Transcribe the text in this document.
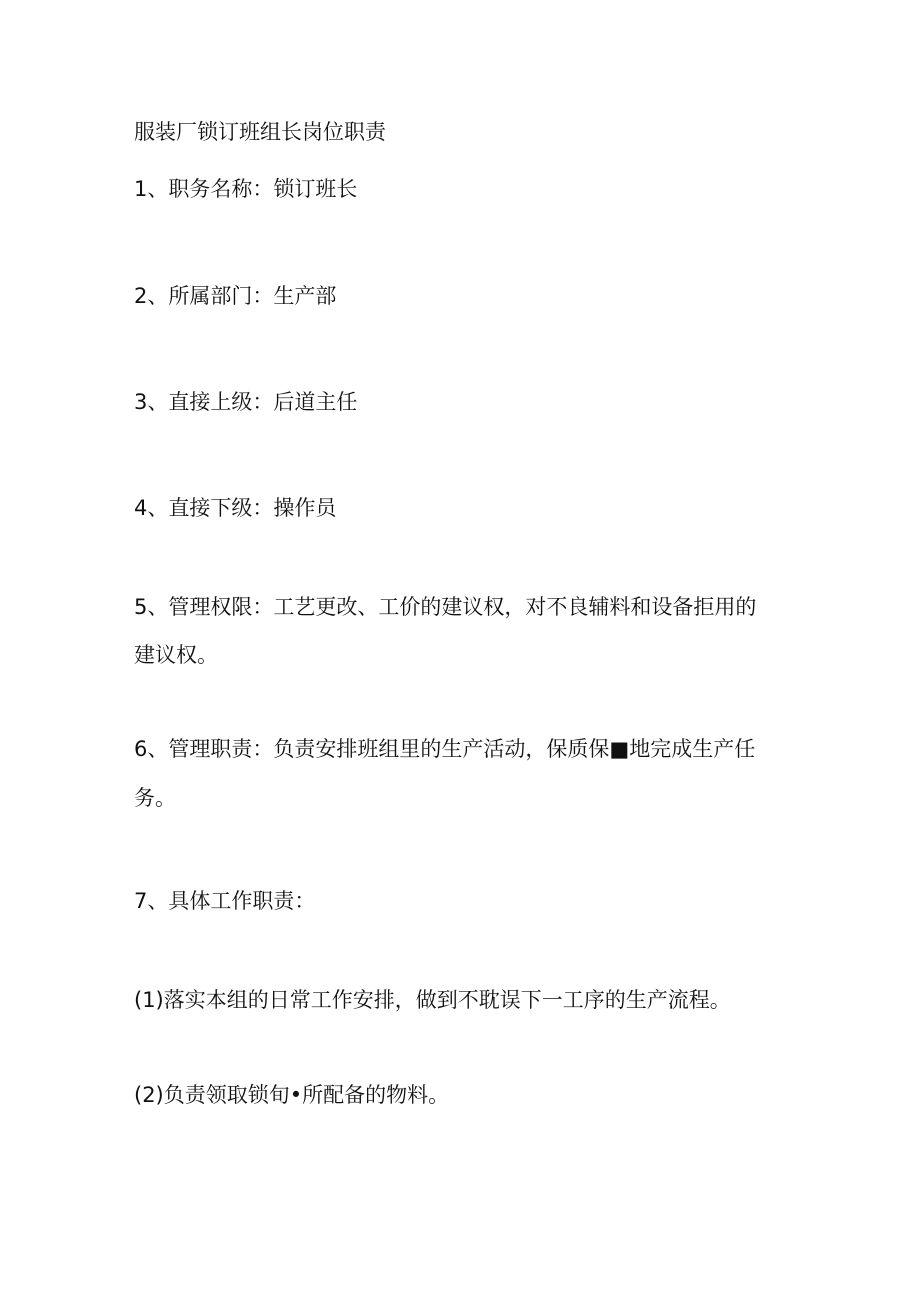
服装厂锁订班组长岗位职责
1、职务名称：锁订班长
2、所属部门：生产部
3、直接上级：后道主任
4、直接下级：操作员
5、管理权限：工艺更改、工价的建议权，对不良辅料和设备拒用的
建议权。
6、管理职责：负责安排班组里的生产活动，保质保■地完成生产任
务。
7、具体工作职责：
(1)落实本组的日常工作安排，做到不耽误下一工序的生产流程。
(2)负责领取锁旬•所配备的物料。
